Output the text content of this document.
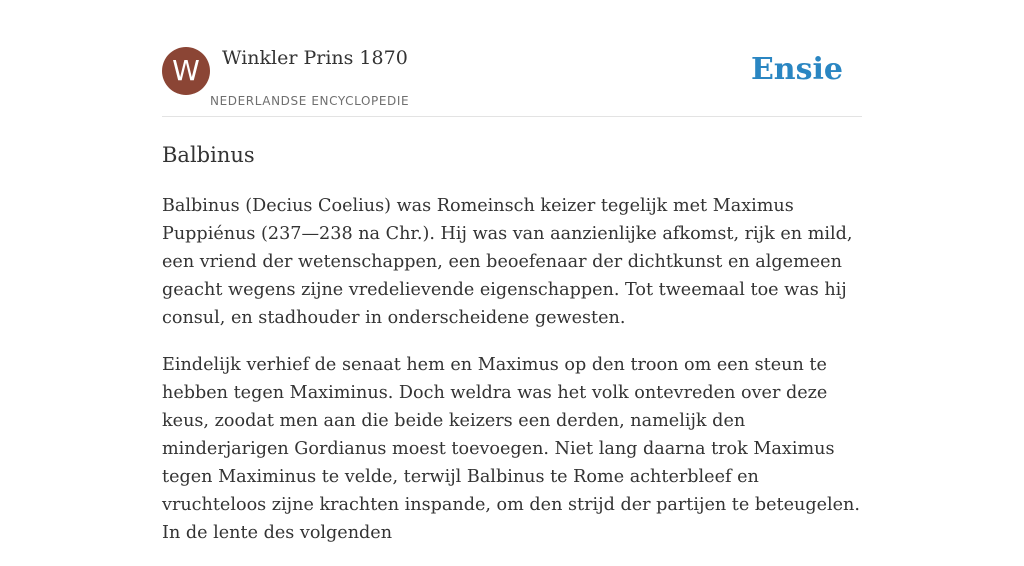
W	Winkler Prins 1870
NEDERLANDSE ENCYCLOPEDIE
Ensie
Balbinus

Balbinus (Decius Coelius) was Romeinsch keizer tegelijk met Maximus Puppiénus (237—238 na Chr.). Hij was van aanzienlijke afkomst, rijk en mild, een vriend der wetenschappen, een beoefenaar der dichtkunst en algemeen geacht wegens zijne vredelievende eigenschappen. Tot tweemaal toe was hij consul, en stadhouder in onderscheidene gewesten.

Eindelijk verhief de senaat hem en Maximus op den troon om een steun te hebben tegen Maximinus. Doch weldra was het volk ontevreden over deze keus, zoodat men aan die beide keizers een derden, namelijk den minderjarigen Gordianus moest toevoegen. Niet lang daarna trok Maximus tegen Maximinus te velde, terwijl Balbinus te Rome achterbleef en vruchteloos zijne krachten inspande, om den strijd der partijen te beteugelen. In de lente des volgenden
